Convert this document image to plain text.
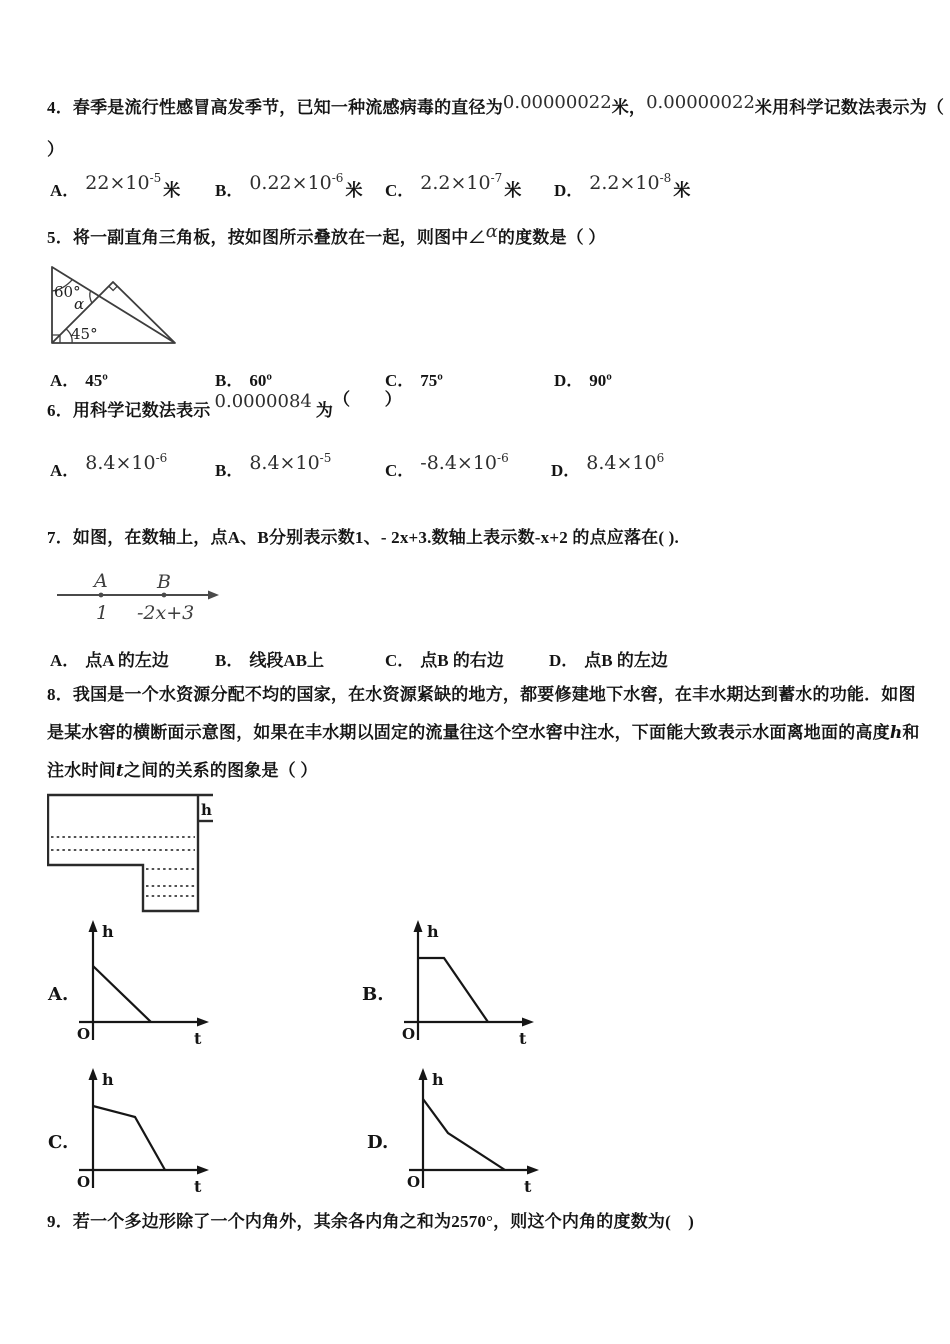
4．春季是流行性感冒高发季节，已知一种流感病毒的直径为0.00000022米，0.00000022米用科学记数法表示为（
）
A． $22\times 10^{-5}$米 B． $0.22\times 10^{-6}$米 C． $2.2\times 10^{-7}$米 D． $2.2\times 10^{-8}$米
5．将一副直角三角板，按如图所示叠放在一起，则图中∠α的度数是（ ）
60°
α
45°
A． 45º	B． 60º	C． 75º	D． 90º
6．用科学记数法表示 0.0000084 为（　　）
A． $8.4\times 10^{-6}$
B． $8.4\times 10^{-5}$
C． $-8.4\times 10^{-6}$
D． $8.4\times 10^6$
7．如图，在数轴上，点A、B分别表示数1、- 2x+3.数轴上表示数-x+2 的点应落在( ).
A	B
1 -2x+3
A． 点A 的左边	B． 线段AB上	C． 点B 的右边	D． 点B 的左边
8．我国是一个水资源分配不均的国家，在水资源紧缺的地方，都要修建地下水窖，在丰水期达到蓄水的功能．如图
是某水窖的横断面示意图，如果在丰水期以固定的流量往这个空水窖中注水，下面能大致表示水面离地面的高度h和
注水时间t之间的关系的图象是（ ）
h
A.
h
t
O
B.
h
t
O
C.
h
t
O
D.
h
t
O
9．若一个多边形除了一个内角外，其余各内角之和为2570°，则这个内角的度数为(　)
